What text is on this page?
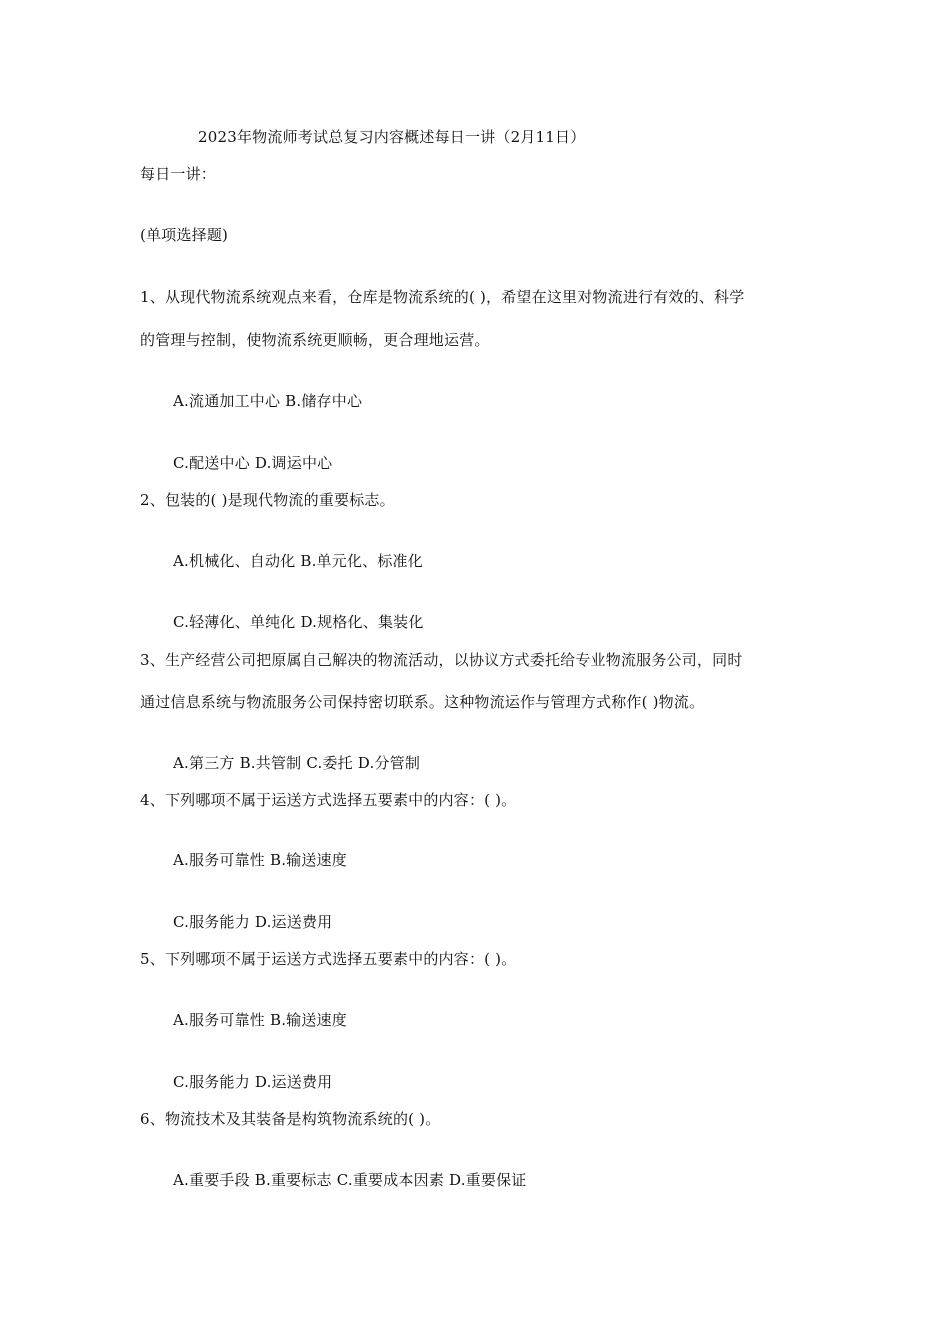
2023年物流师考试总复习内容概述每日一讲（2月11日）
每日一讲：
(单项选择题)
1、从现代物流系统观点来看，仓库是物流系统的( )，希望在这里对物流进行有效的、科学
的管理与控制，使物流系统更顺畅，更合理地运营。
A.流通加工中心 B.储存中心
C.配送中心 D.调运中心
2、包装的( )是现代物流的重要标志。
A.机械化、自动化 B.单元化、标准化
C.轻薄化、单纯化 D.规格化、集装化
3、生产经营公司把原属自己解决的物流活动，以协议方式委托给专业物流服务公司，同时
通过信息系统与物流服务公司保持密切联系。这种物流运作与管理方式称作( )物流。
A.第三方 B.共管制 C.委托 D.分管制
4、下列哪项不属于运送方式选择五要素中的内容：( )。
A.服务可靠性 B.输送速度
C.服务能力 D.运送费用
5、下列哪项不属于运送方式选择五要素中的内容：( )。
A.服务可靠性 B.输送速度
C.服务能力 D.运送费用
6、物流技术及其装备是构筑物流系统的( )。
A.重要手段 B.重要标志 C.重要成本因素 D.重要保证
